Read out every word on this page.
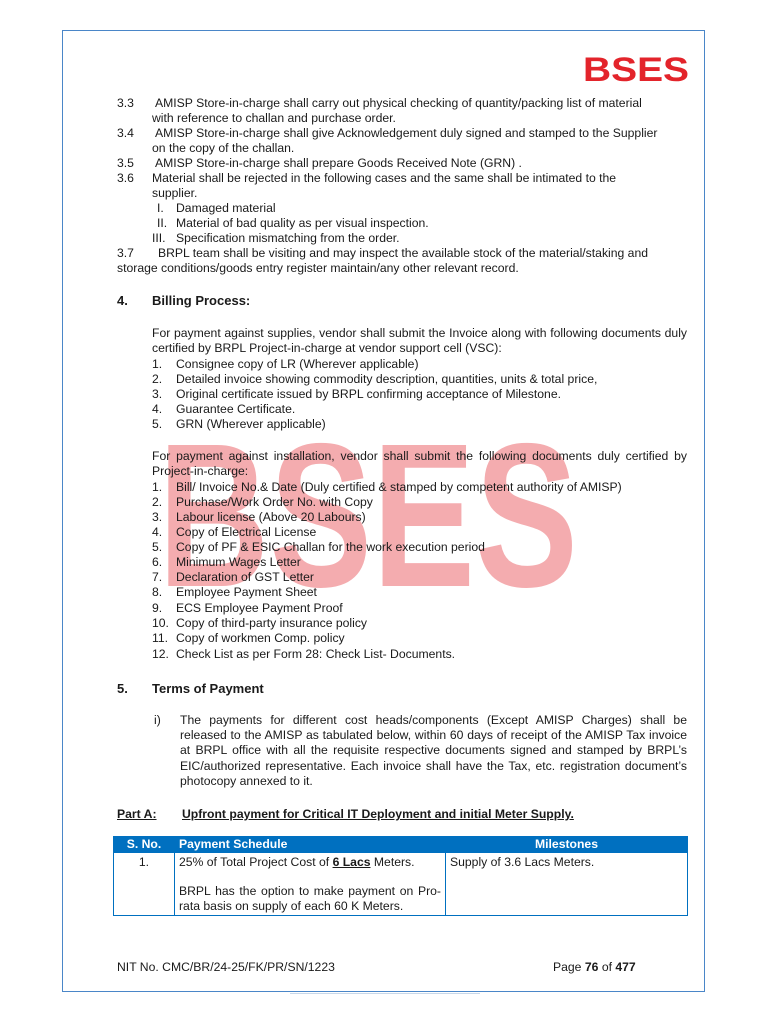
BSES
BSES
3.3 AMISP Store-in-charge shall carry out physical checking of quantity/packing list of material
with reference to challan and purchase order.
3.4 AMISP Store-in-charge shall give Acknowledgement duly signed and stamped to the Supplier
on the copy of the challan.
3.5 AMISP Store-in-charge shall prepare Goods Received Note (GRN) .
3.6 Material shall be rejected in the following cases and the same shall be intimated to the
supplier.
I. Damaged material
II. Material of bad quality as per visual inspection.
III. Specification mismatching from the order.
3.7 BRPL team shall be visiting and may inspect the available stock of the material/staking and
storage conditions/goods entry register maintain/any other relevant record.
4. Billing Process:
For payment against supplies, vendor shall submit the Invoice along with following documents duly certified by BRPL Project-in-charge at vendor support cell (VSC):
1. Consignee copy of LR (Wherever applicable)
2. Detailed invoice showing commodity description, quantities, units & total price,
3. Original certificate issued by BRPL confirming acceptance of Milestone.
4. Guarantee Certificate.
5. GRN (Wherever applicable)
For payment against installation, vendor shall submit the following documents duly certified by Project-in-charge:
1. Bill/ Invoice No.& Date (Duly certified & stamped by competent authority of AMISP)
2. Purchase/Work Order No. with Copy
3. Labour license (Above 20 Labours)
4. Copy of Electrical License
5. Copy of PF & ESIC Challan for the work execution period
6. Minimum Wages Letter
7. Declaration of GST Letter
8. Employee Payment Sheet
9. ECS Employee Payment Proof
10. Copy of third-party insurance policy
11. Copy of workmen Comp. policy
12. Check List as per Form 28: Check List- Documents.
5. Terms of Payment
i) The payments for different cost heads/components (Except AMISP Charges) shall be released to the AMISP as tabulated below, within 60 days of receipt of the AMISP Tax invoice at BRPL office with all the requisite respective documents signed and stamped by BRPL’s EIC/authorized representative. Each invoice shall have the Tax, etc. registration document’s photocopy annexed to it.
Part A: Upfront payment for Critical IT Deployment and initial Meter Supply.
S. No.	Payment Schedule	Milestones
1.	25% of Total Project Cost of 6 Lacs Meters.
BRPL has the option to make payment on Pro-rata basis on supply of each 60 K Meters.	Supply of 3.6 Lacs Meters.
NIT No. CMC/BR/24-25/FK/PR/SN/1223	Page 76 of 477
